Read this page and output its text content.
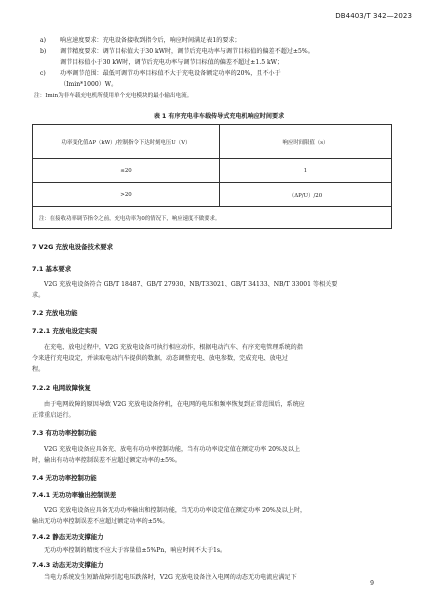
DB4403/T 342—2023
a) 响应速度要求：充电设备接收到指令后，响应时间满足表1的要求；
b) 调节精度要求：调节目标值大于30 kW时，调节后充电功率与调节目标值的偏差不超过±5%。
调节目标值小于30 kW时，调节后充电功率与调节目标值的偏差不超过±1.5 kW；
c) 功率调节范围：最低可调节功率目标值不大于充电设备额定功率的20%，且不小于
（Imin*1000）W。
注：Imin为非车载充电机所使用单个充电模块的最小输出电流。
表 1 有序充电非车载传导式充电机响应时间要求
功率变化值ΔP（kW）/控制指令下达时刻电压U（V）	响应时间限值（s）
≤20	1
>20	（ΔP/U）/20
注：在接收功率调节指令之前，充电功率为0的情况下，响应速度不做要求。	
7 V2G 充放电设备技术要求
7.1 基本要求
V2G 充放电设备符合 GB/T 18487、GB/T 27930、NB/T33021、GB/T 34133、NB/T 33001 等相关要
求。
7.2 充放电功能
7.2.1 充放电设定实现
在充电、放电过程中，V2G 充放电设备可执行相应动作，根据电动汽车、有序充电管理系统的指
令来进行充电设定，并读取电动汽车提供的数据，动态调整充电、放电参数，完成充电、放电过
程。
7.2.2 电网故障恢复
由于电网故障的原因导致 V2G 充放电设备停机，在电网的电压和频率恢复到正常范围后，系统应
正常重启运行。
7.3 有功功率控制功能
V2G 充放电设备应具备充、放电有功功率控制功能，当有功功率设定值在额定功率 20%及以上
时，输出有功功率控制误差不应超过额定功率的±5%。
7.4 无功功率控制功能
7.4.1 无功功率输出控制误差
V2G 充放电设备应具备无功功率输出和控制功能，当无功功率设定值在额定功率 20%及以上时，
输出无功功率控制误差不应超过额定功率的±5%。
7.4.2 静态无功支撑能力
无功功率控制的精度不应大于容量值±5%Pn，响应时间不大于1s。
7.4.3 动态无功支撑能力
当电力系统发生短路故障引起电压跌落时，V2G 充放电设备注入电网的动态无功电流应满足下
9
